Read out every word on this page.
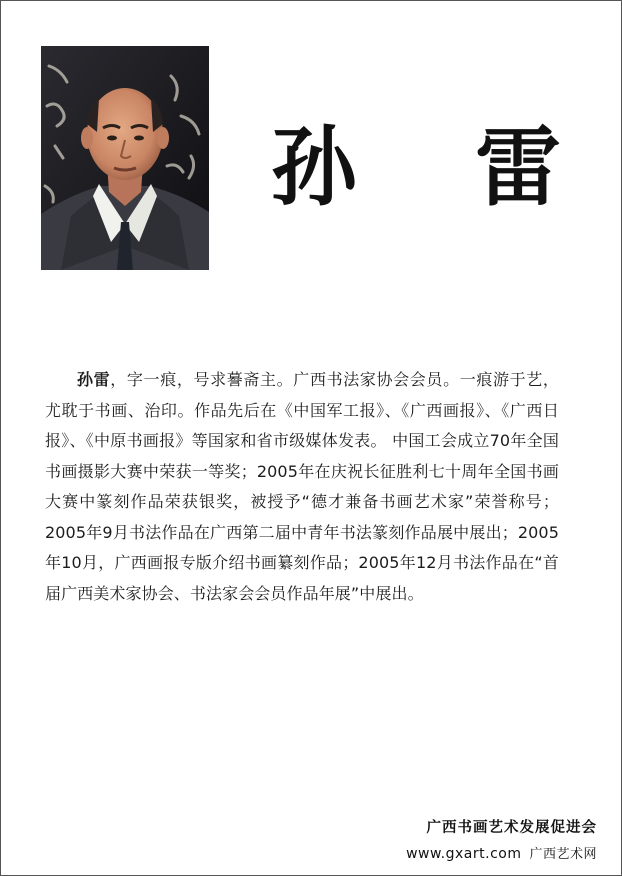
孙 雷
孙雷，字一痕，号求謩斋主。广西书法家协会会员。一痕游于艺，尤耽于书画、治印。作品先后在《中国军工报》、《广西画报》、《广西日报》、《中原书画报》等国家和省市级媒体发表。 中国工会成立70年全国书画摄影大赛中荣获一等奖；2005年在庆祝长征胜利七十周年全国书画大赛中篆刻作品荣获银奖，被授予“德才兼备书画艺术家”荣誉称号；2005年9月书法作品在广西第二届中青年书法篆刻作品展中展出；2005年10月，广西画报专版介绍书画纂刻作品；2005年12月书法作品在“首届广西美术家协会、书法家会会员作品年展”中展出。
广西书画艺术发展促进会
www.gxart.com 广西艺术网
